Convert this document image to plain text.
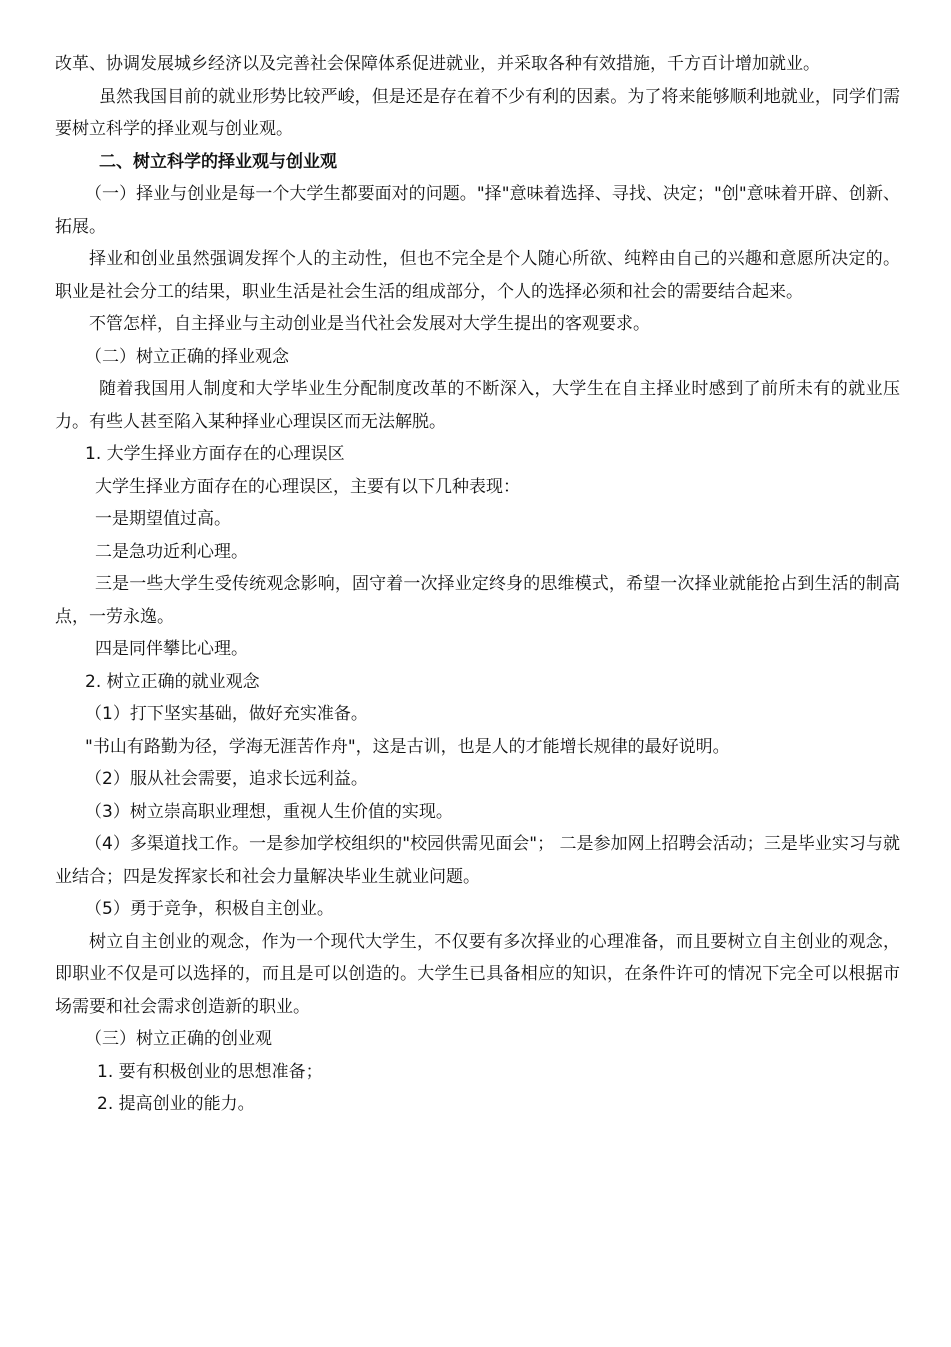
改革、协调发展城乡经济以及完善社会保障体系促进就业，并采取各种有效措施，千方百计增加就业。

虽然我国目前的就业形势比较严峻，但是还是存在着不少有利的因素。为了将来能够顺利地就业，同学们需要树立科学的择业观与创业观。

二、树立科学的择业观与创业观

（一）择业与创业是每一个大学生都要面对的问题。"择"意味着选择、寻找、决定；"创"意味着开辟、创新、拓展。

择业和创业虽然强调发挥个人的主动性，但也不完全是个人随心所欲、纯粹由自己的兴趣和意愿所决定的。职业是社会分工的结果，职业生活是社会生活的组成部分，个人的选择必须和社会的需要结合起来。

不管怎样，自主择业与主动创业是当代社会发展对大学生提出的客观要求。

（二）树立正确的择业观念

随着我国用人制度和大学毕业生分配制度改革的不断深入，大学生在自主择业时感到了前所未有的就业压力。有些人甚至陷入某种择业心理误区而无法解脱。

1. 大学生择业方面存在的心理误区

大学生择业方面存在的心理误区，主要有以下几种表现：

一是期望值过高。

二是急功近利心理。

三是一些大学生受传统观念影响，固守着一次择业定终身的思维模式，希望一次择业就能抢占到生活的制高点，一劳永逸。

四是同伴攀比心理。

2. 树立正确的就业观念

（1）打下坚实基础，做好充实准备。

"书山有路勤为径，学海无涯苦作舟"，这是古训，也是人的才能增长规律的最好说明。

（2）服从社会需要，追求长远利益。

（3）树立崇高职业理想，重视人生价值的实现。

（4）多渠道找工作。一是参加学校组织的"校园供需见面会"； 二是参加网上招聘会活动；三是毕业实习与就业结合；四是发挥家长和社会力量解决毕业生就业问题。

（5）勇于竞争，积极自主创业。

树立自主创业的观念，作为一个现代大学生，不仅要有多次择业的心理准备，而且要树立自主创业的观念，即职业不仅是可以选择的，而且是可以创造的。大学生已具备相应的知识，在条件许可的情况下完全可以根据市场需要和社会需求创造新的职业。

（三）树立正确的创业观

1. 要有积极创业的思想准备；

2. 提高创业的能力。
